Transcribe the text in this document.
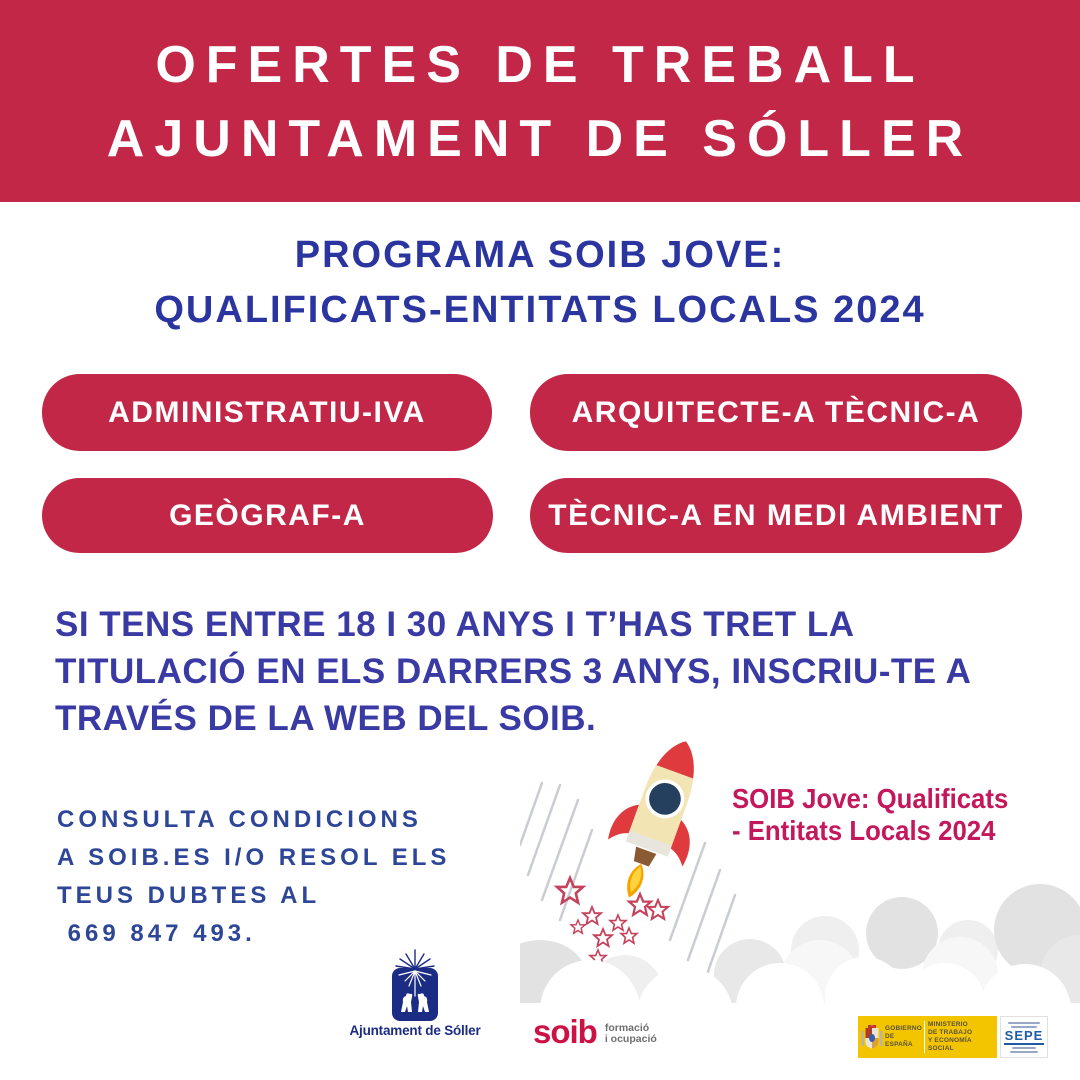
OFERTES DE TREBALL
AJUNTAMENT DE SÓLLER
PROGRAMA SOIB JOVE:
QUALIFICATS-ENTITATS LOCALS 2024
ADMINISTRATIU-IVA	ARQUITECTE-A TÈCNIC-A
GEÒGRAF-A	TÈCNIC-A EN MEDI AMBIENT
SI TENS ENTRE 18 I 30 ANYS I T’HAS TRET LA
TITULACIÓ EN ELS DARRERS 3 ANYS, INSCRIU-TE A
TRAVÉS DE LA WEB DEL SOIB.
CONSULTA CONDICIONS
A SOIB.ES I/O RESOL ELS
TEUS DUBTES AL
669 847 493.
SOIB Jove: Qualificats
- Entitats Locals 2024
Ajuntament de Sóller soib formació
i ocupació
GOBIERNO
DE ESPAÑA
MINISTERIO
DE TRABAJO
Y ECONOMÍA SOCIAL
SEPE
